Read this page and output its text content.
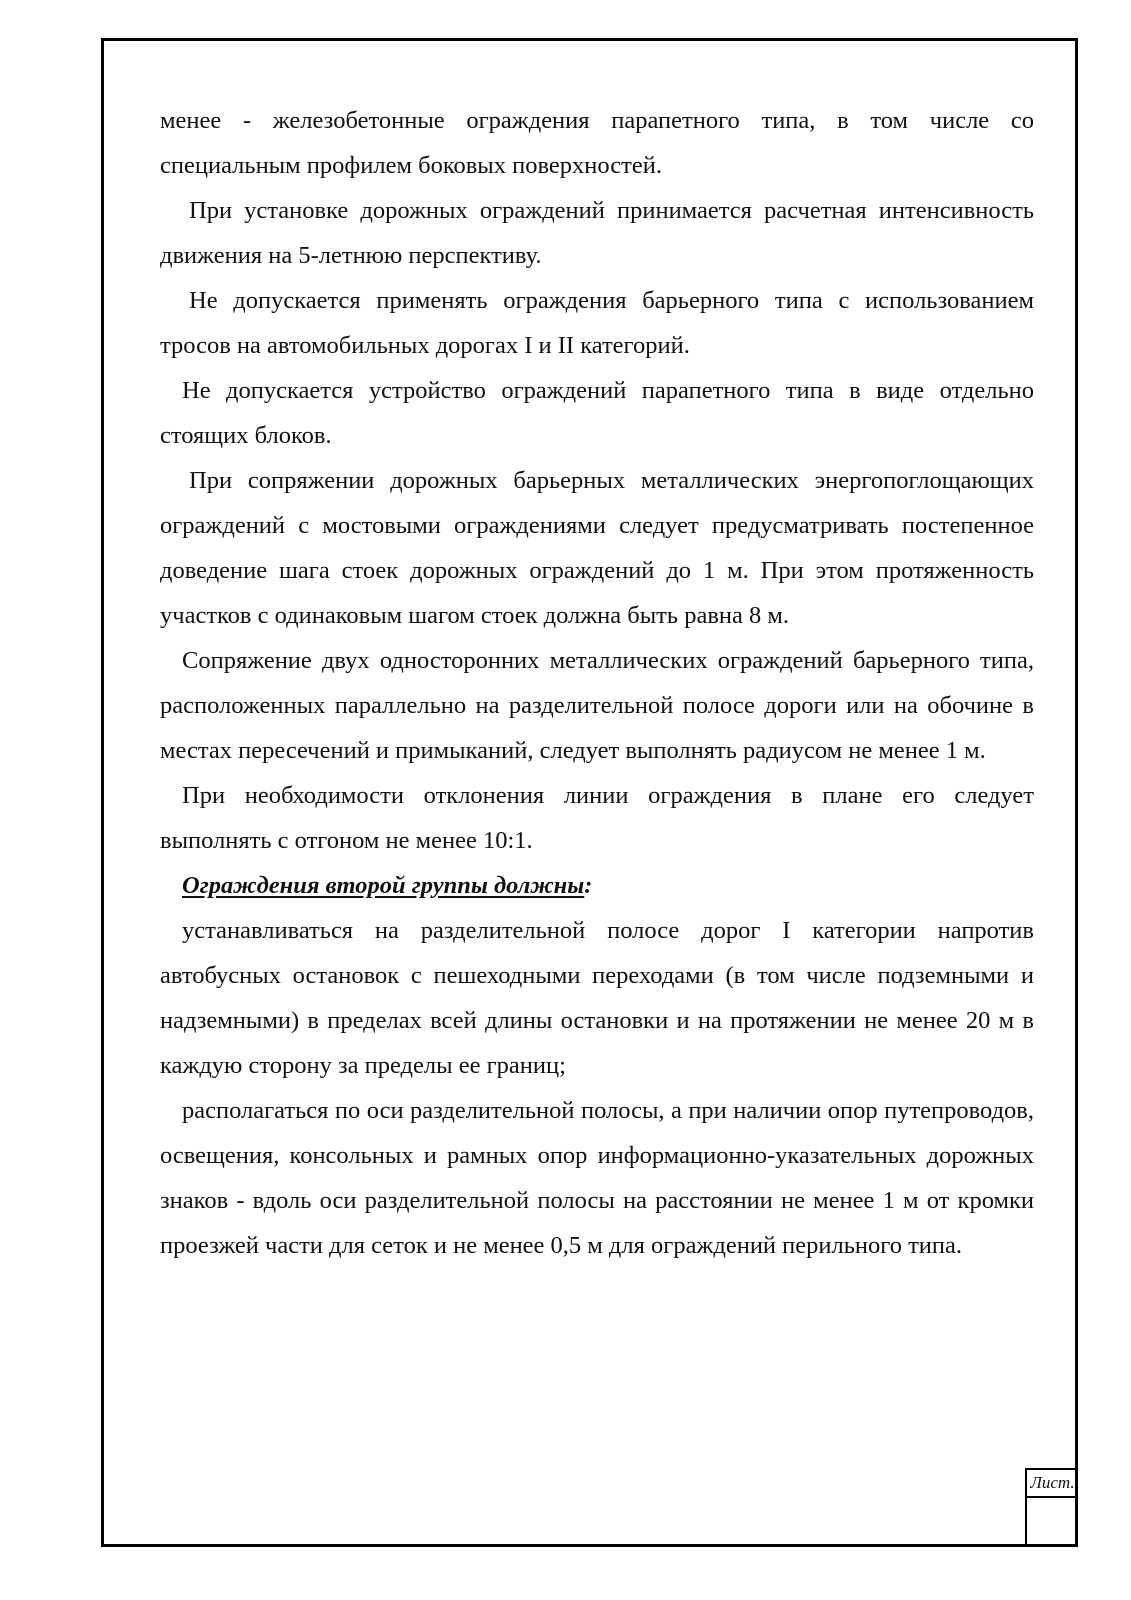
менее - железобетонные ограждения парапетного типа, в том числе со специальным профилем боковых поверхностей.

При установке дорожных ограждений принимается расчетная интенсивность движения на 5-летнюю перспективу.

Не допускается применять ограждения барьерного типа с использованием тросов на автомобильных дорогах I и II категорий.

Не допускается устройство ограждений парапетного типа в виде отдельно стоящих блоков.

При сопряжении дорожных барьерных металлических энергопоглощающих ограждений с мостовыми ограждениями следует предусматривать постепенное доведение шага стоек дорожных ограждений до 1 м. При этом протяженность участков с одинаковым шагом стоек должна быть равна 8 м.

Сопряжение двух односторонних металлических ограждений барьерного типа, расположенных параллельно на разделительной полосе дороги или на обочине в местах пересечений и примыканий, следует выполнять радиусом не менее 1 м.

При необходимости отклонения линии ограждения в плане его следует выполнять с отгоном не менее 10:1.

Ограждения второй группы должны:

устанавливаться на разделительной полосе дорог I категории напротив автобусных остановок с пешеходными переходами (в том числе подземными и надземными) в пределах всей длины остановки и на протяжении не менее 20 м в каждую сторону за пределы ее границ;

располагаться по оси разделительной полосы, а при наличии опор путепроводов, освещения, консольных и рамных опор информационно-указательных дорожных знаков - вдоль оси разделительной полосы на расстоянии не менее 1 м от кромки проезжей части для сеток и не менее 0,5 м для ограждений перильного типа.

Лист.
